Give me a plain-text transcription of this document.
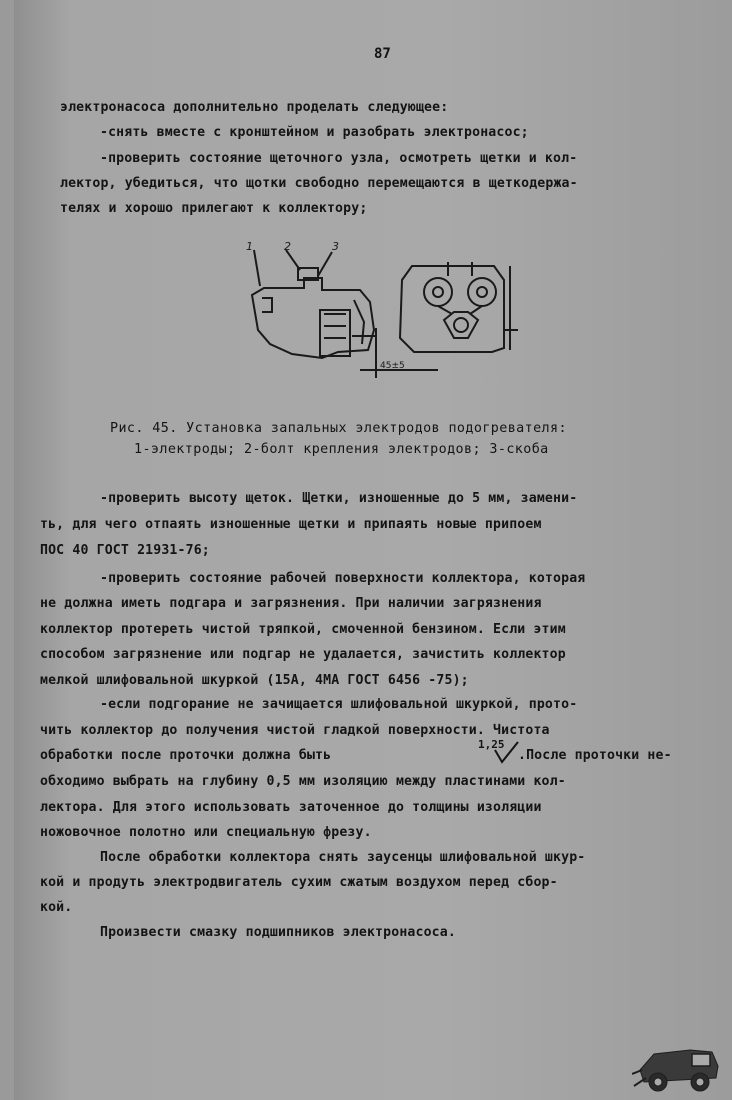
87
электронасоса дополнительно проделать следующее:
-снять вместе с кронштейном и разобрать электронасос;
-проверить состояние щеточного узла, осмотреть щетки и кол-
лектор, убедиться, что щотки свободно перемещаются в щеткодержа-
телях и хорошо прилегают к коллектору;
1	2	3
45±5
Рис. 45. Установка запальных электродов подогревателя:
1-электроды; 2-болт крепления электродов; 3-скоба
-проверить высоту щеток. Щетки, изношенные до 5 мм, замени-
ть, для чего отпаять изношенные щетки и припаять новые припоем
ПОС 40 ГОСТ 21931-76;
-проверить состояние рабочей поверхности коллектора, которая
не должна иметь подгара и загрязнения. При наличии загрязнения
коллектор протереть чистой тряпкой, смоченной бензином. Если этим
способом загрязнение или подгар не удалается, зачистить коллектор
мелкой шлифовальной шкуркой (15А, 4МА ГОСТ 6456 -75);
-если подгорание не зачищается шлифовальной шкуркой, прото-
чить коллектор до получения чистой гладкой поверхности. Чистота
обработки после проточки должна быть
1,25
.После проточки не-
обходимо выбрать на глубину 0,5 мм изоляцию между пластинами кол-
лектора. Для этого использовать заточенное до толщины изоляции
ножовочное полотно или специальную фрезу.
После обработки коллектора снять заусенцы шлифовальной шкур-
кой и продуть электродвигатель сухим сжатым воздухом перед сбор-
кой.
Произвести смазку подшипников электронасоса.
